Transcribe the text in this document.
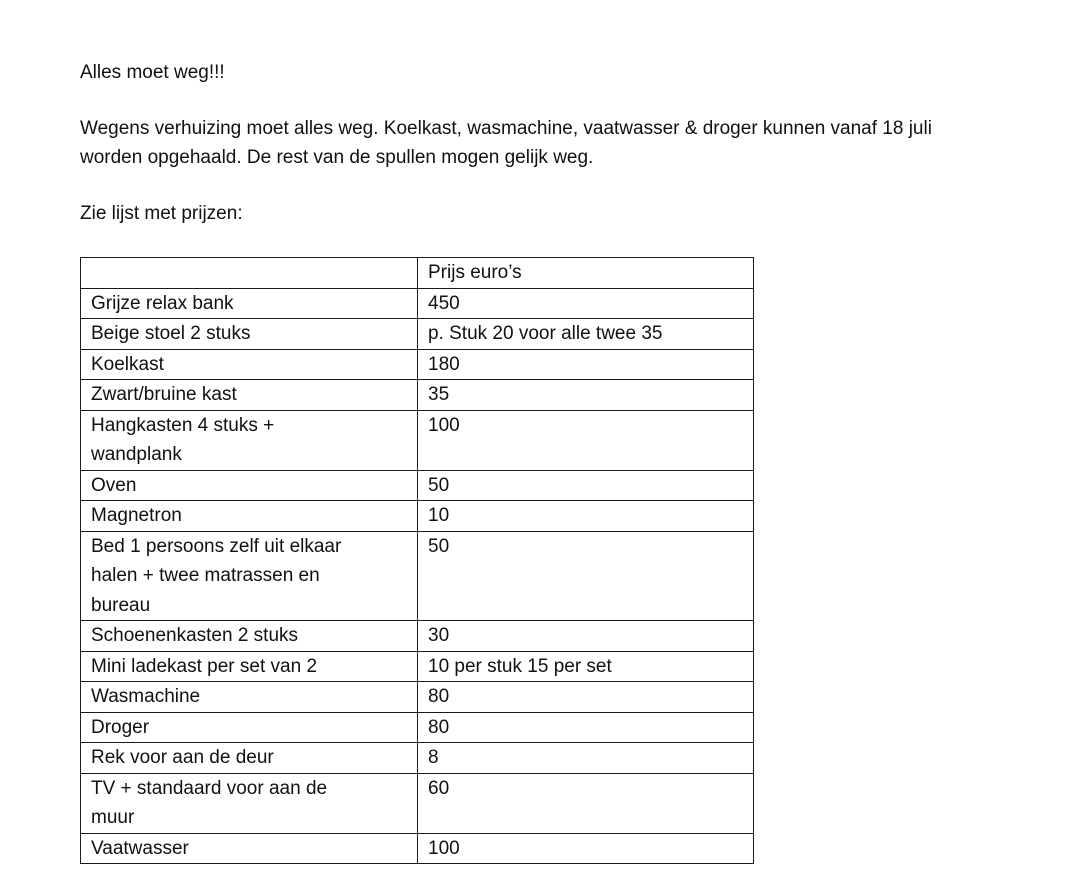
Alles moet weg!!!

Wegens verhuizing moet alles weg. Koelkast, wasmachine, vaatwasser & droger kunnen vanaf 18 juli
worden opgehaald. De rest van de spullen mogen gelijk weg.

Zie lijst met prijzen:

	Prijs euro’s
Grijze relax bank	450
Beige stoel 2 stuks	p. Stuk 20 voor alle twee 35
Koelkast	180
Zwart/bruine kast	35
Hangkasten 4 stuks +
wandplank	100
Oven	50
Magnetron	10
Bed 1 persoons zelf uit elkaar
halen + twee matrassen en
bureau	50
Schoenenkasten 2 stuks	30
Mini ladekast per set van 2	10 per stuk 15 per set
Wasmachine	80
Droger	80
Rek voor aan de deur	8
TV + standaard voor aan de
muur	60
Vaatwasser	100
